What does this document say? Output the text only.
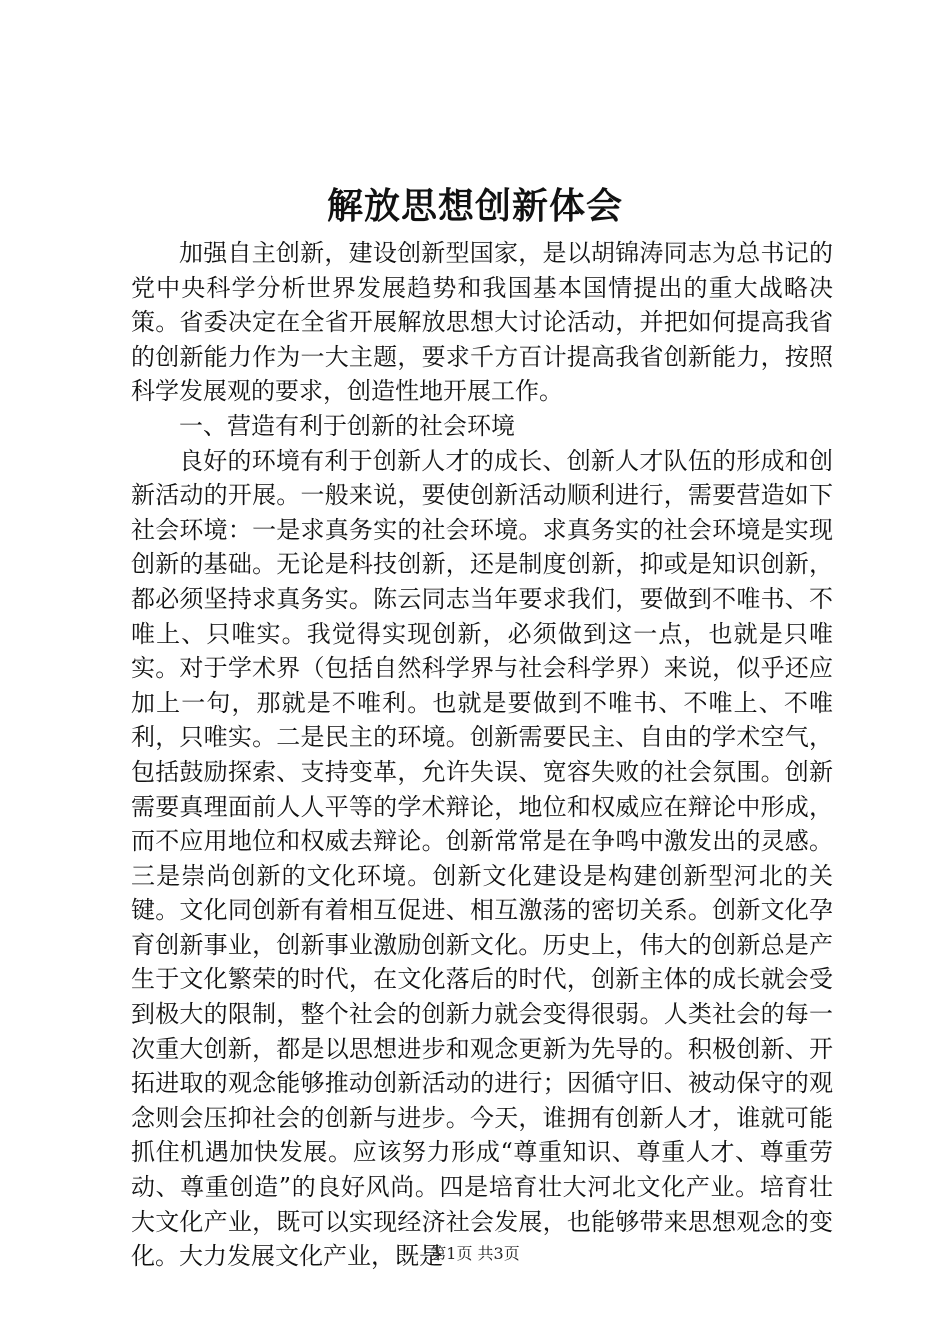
解放思想创新体会

加强自主创新，建设创新型国家，是以胡锦涛同志为总书记的党中央科学分析世界发展趋势和我国基本国情提出的重大战略决策。省委决定在全省开展解放思想大讨论活动，并把如何提高我省的创新能力作为一大主题，要求千方百计提高我省创新能力，按照科学发展观的要求，创造性地开展工作。

一、营造有利于创新的社会环境

良好的环境有利于创新人才的成长、创新人才队伍的形成和创新活动的开展。一般来说，要使创新活动顺利进行，需要营造如下社会环境：一是求真务实的社会环境。求真务实的社会环境是实现创新的基础。无论是科技创新，还是制度创新，抑或是知识创新，都必须坚持求真务实。陈云同志当年要求我们，要做到不唯书、不唯上、只唯实。我觉得实现创新，必须做到这一点，也就是只唯实。对于学术界（包括自然科学界与社会科学界）来说，似乎还应加上一句，那就是不唯利。也就是要做到不唯书、不唯上、不唯利，只唯实。二是民主的环境。创新需要民主、自由的学术空气，包括鼓励探索、支持变革，允许失误、宽容失败的社会氛围。创新需要真理面前人人平等的学术辩论，地位和权威应在辩论中形成，而不应用地位和权威去辩论。创新常常是在争鸣中激发出的灵感。三是崇尚创新的文化环境。创新文化建设是构建创新型河北的关键。文化同创新有着相互促进、相互激荡的密切关系。创新文化孕育创新事业，创新事业激励创新文化。历史上，伟大的创新总是产生于文化繁荣的时代，在文化落后的时代，创新主体的成长就会受到极大的限制，整个社会的创新力就会变得很弱。人类社会的每一次重大创新，都是以思想进步和观念更新为先导的。积极创新、开拓进取的观念能够推动创新活动的进行；因循守旧、被动保守的观念则会压抑社会的创新与进步。今天，谁拥有创新人才，谁就可能抓住机遇加快发展。应该努力形成“尊重知识、尊重人才、尊重劳动、尊重创造”的良好风尚。四是培育壮大河北文化产业。培育壮大文化产业，既可以实现经济社会发展，也能够带来思想观念的变化。大力发展文化产业，既是

第1页 共3页
